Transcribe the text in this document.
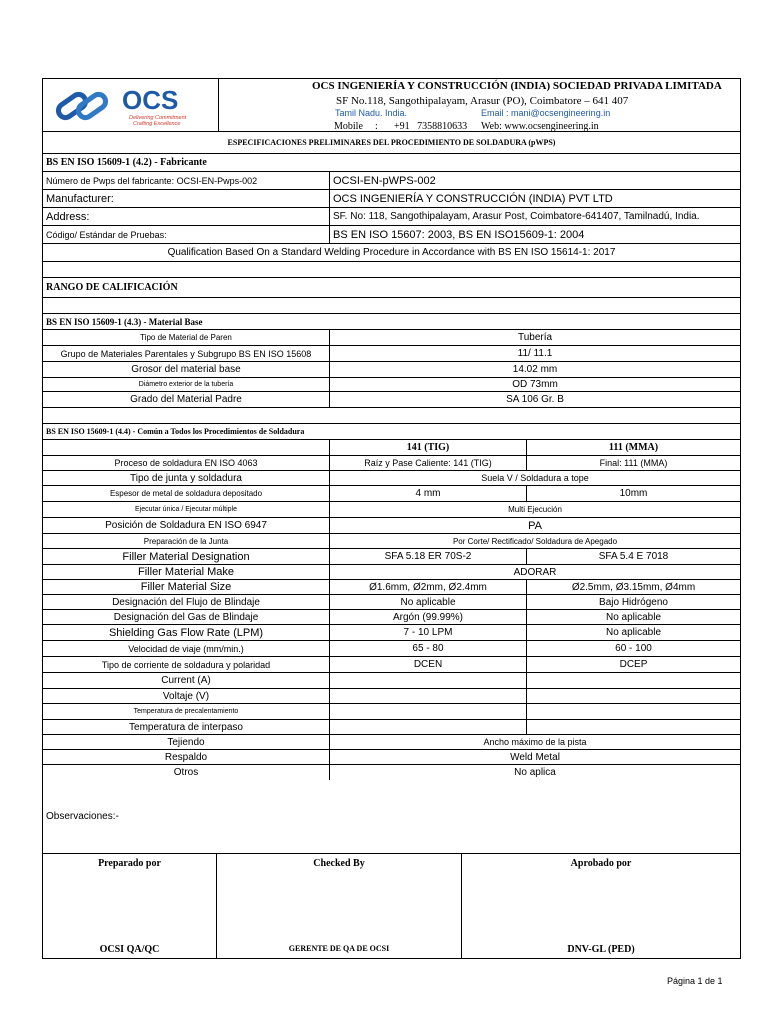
OCS
Delivering Commitment
Crafting Excellence
OCS INGENIERÍA Y CONSTRUCCIÓN (INDIA) SOCIEDAD PRIVADA LIMITADA
SF No.118, Sangothipalayam, Arasur (PO), Coimbatore – 641 407
Tamil Nadu. India.	Email : mani@ocsengineering.in
Mobile : +91   7358810633 Web: www.ocsengineering.in
ESPECIFICACIONES PRELIMINARES DEL PROCEDIMIENTO DE SOLDADURA (pWPS)
BS EN ISO 15609-1 (4.2) - Fabricante
Número de Pwps del fabricante: OCSI-EN-Pwps-002	OCSI-EN-pWPS-002
Manufacturer:	OCS INGENIERÍA Y CONSTRUCCIÓN (INDIA) PVT LTD
Address:	SF. No: 118, Sangothipalayam, Arasur Post, Coimbatore-641407, Tamilnadú, India.
Código/ Estándar de Pruebas:	BS EN ISO 15607: 2003, BS EN ISO15609-1: 2004
Qualification Based On a Standard Welding Procedure in Accordance with BS EN ISO 15614-1: 2017
RANGO DE CALIFICACIÓN
BS EN ISO 15609-1 (4.3) - Material Base
Tipo de Material de Paren	Tubería
Grupo de Materiales Parentales y Subgrupo BS EN ISO 15608	11/ 11.1
Grosor del material base	14.02 mm
Diámetro exterior de la tubería	OD 73mm
Grado del Material Padre	SA 106 Gr. B
BS EN ISO 15609-1 (4.4) - Común a Todos los Procedimientos de Soldadura
141 (TIG)	111 (MMA)
Proceso de soldadura EN ISO 4063	Raíz y Pase Caliente: 141 (TIG)	Final: 111 (MMA)
Tipo de junta y soldadura	Suela V / Soldadura a tope
Espesor de metal de soldadura depositado	4 mm	10mm
Ejecutar única / Ejecutar múltiple	Multi Ejecución
Posición de Soldadura EN ISO 6947	PA
Preparación de la Junta	Por Corte/ Rectificado/ Soldadura de Apegado
Filler Material Designation	SFA 5.18 ER 70S-2	SFA 5.4 E 7018
Filler Material Make	ADORAR
Filler Material Size	Ø1.6mm, Ø2mm, Ø2.4mm	Ø2.5mm, Ø3.15mm, Ø4mm
Designación del Flujo de Blindaje	No aplicable	Bajo Hidrógeno
Designación del Gas de Blindaje	Argón (99.99%)	No aplicable
Shielding Gas Flow Rate (LPM)	7 - 10 LPM	No aplicable
Velocidad de viaje (mm/min.)	65 - 80	60 - 100
Tipo de corriente de soldadura y polaridad	DCEN	DCEP
Current (A)
Voltaje (V)
Temperatura de precalentamiento
Temperatura de interpaso
Tejiendo	Ancho máximo de la pista
Respaldo	Weld Metal
Otros	No aplica
Observaciones:-
Preparado por
OCSI QA/QC
Checked By
GERENTE DE QA DE OCSI
Aprobado por
DNV-GL (PED)
Página 1 de 1
